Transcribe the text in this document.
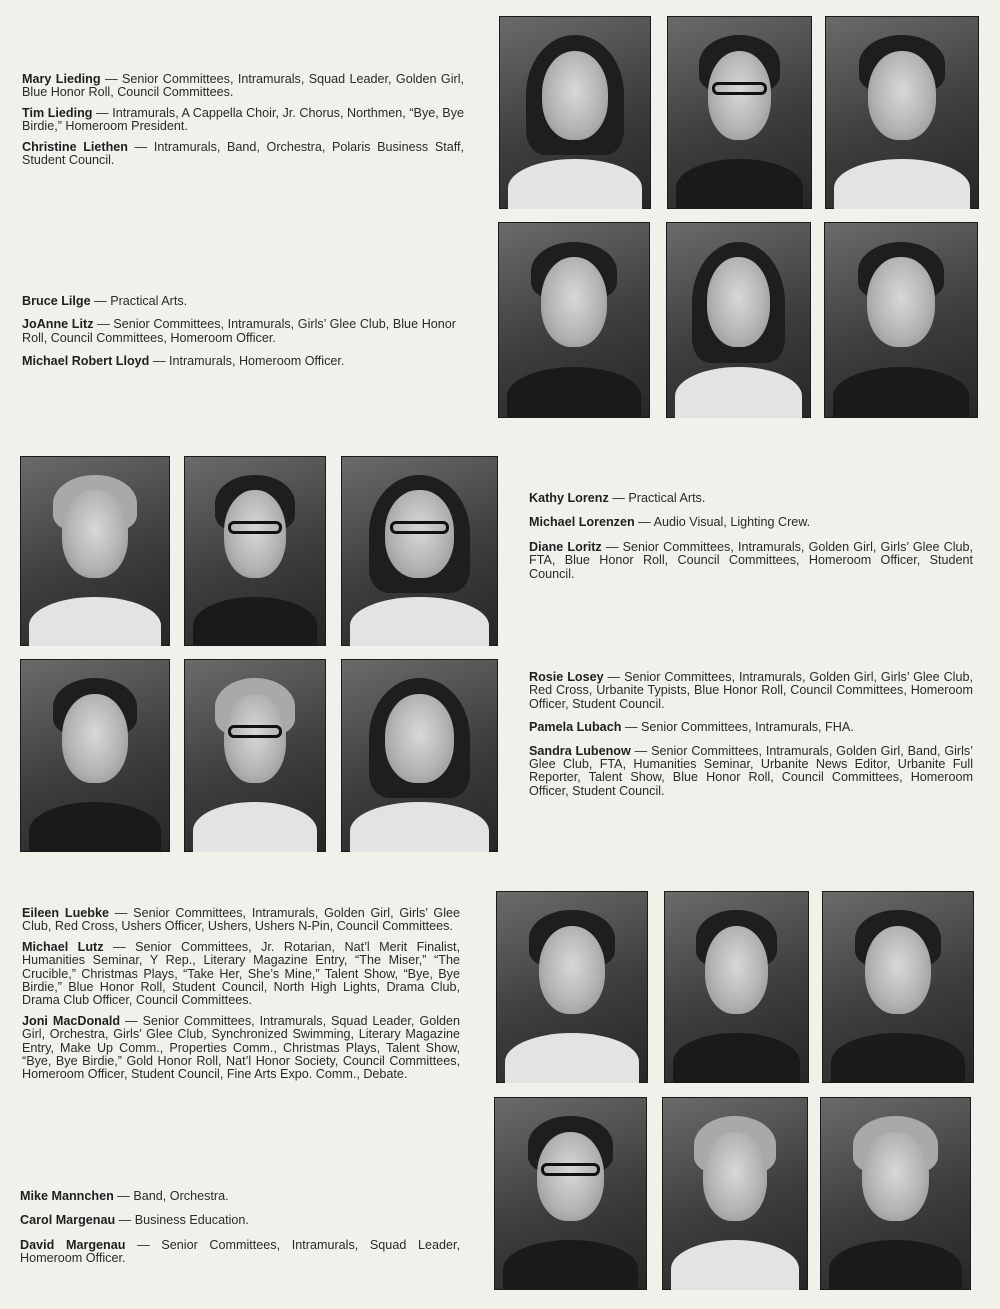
Mary Lieding — Senior Committees, Intramurals, Squad Leader, Golden Girl, Blue Honor Roll, Council Committees.
Tim Lieding — Intramurals, A Cappella Choir, Jr. Chorus, Northmen, “Bye, Bye Birdie,” Homeroom President.
Christine Liethen — Intramurals, Band, Orchestra, Polaris Business Staff, Student Council.
Bruce Lilge — Practical Arts.
JoAnne Litz — Senior Committees, Intramurals, Girls’ Glee Club, Blue Honor Roll, Council Committees, Homeroom Officer.
Michael Robert Lloyd — Intramurals, Homeroom Officer.
Kathy Lorenz — Practical Arts.
Michael Lorenzen — Audio Visual, Lighting Crew.
Diane Loritz — Senior Committees, Intramurals, Golden Girl, Girls’ Glee Club, FTA, Blue Honor Roll, Council Committees, Homeroom Officer, Student Council.
Rosie Losey — Senior Committees, Intramurals, Golden Girl, Girls’ Glee Club, Red Cross, Urbanite Typists, Blue Honor Roll, Council Committees, Homeroom Officer, Student Council.
Pamela Lubach — Senior Committees, Intramurals, FHA.
Sandra Lubenow — Senior Committees, Intramurals, Golden Girl, Band, Girls’ Glee Club, FTA, Humanities Seminar, Urbanite News Editor, Urbanite Full Reporter, Talent Show, Blue Honor Roll, Council Committees, Homeroom Officer, Student Council.
Eileen Luebke — Senior Committees, Intramurals, Golden Girl, Girls’ Glee Club, Red Cross, Ushers Officer, Ushers, Ushers N-Pin, Council Committees.
Michael Lutz — Senior Committees, Jr. Rotarian, Nat’l Merit Finalist, Humanities Seminar, Y Rep., Literary Magazine Entry, “The Miser,” “The Crucible,” Christmas Plays, “Take Her, She’s Mine,” Talent Show, “Bye, Bye Birdie,” Blue Honor Roll, Student Council, North High Lights, Drama Club, Drama Club Officer, Council Committees.
Joni MacDonald — Senior Committees, Intramurals, Squad Leader, Golden Girl, Orchestra, Girls’ Glee Club, Synchronized Swimming, Literary Magazine Entry, Make Up Comm., Properties Comm., Christmas Plays, Talent Show, “Bye, Bye Birdie,” Gold Honor Roll, Nat’l Honor Society, Council Committees, Homeroom Officer, Student Council, Fine Arts Expo. Comm., Debate.
Mike Mannchen — Band, Orchestra.
Carol Margenau — Business Education.
David Margenau — Senior Committees, Intramurals, Squad Leader, Homeroom Officer.
